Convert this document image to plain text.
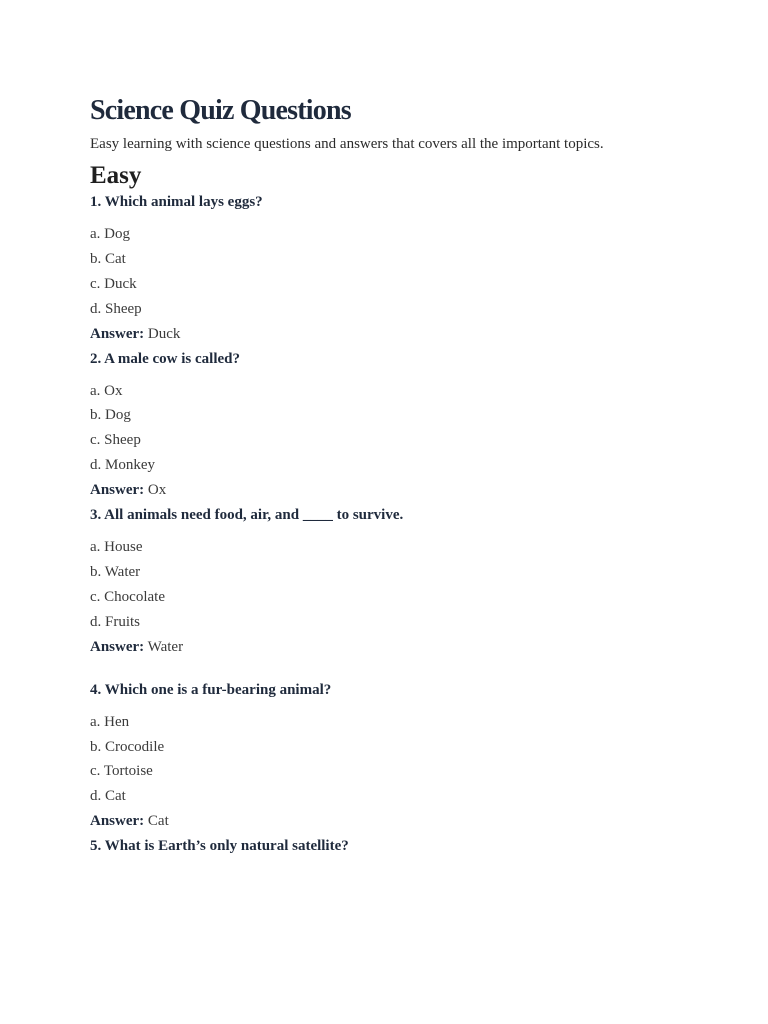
Science Quiz Questions

Easy learning with science questions and answers that covers all the important topics.

Easy

1. Which animal lays eggs?

a. Dog
b. Cat
c. Duck
d. Sheep

Answer: Duck

2. A male cow is called?

a. Ox
b. Dog
c. Sheep
d. Monkey

Answer: Ox

3. All animals need food, air, and ____ to survive.

a. House
b. Water
c. Chocolate
d. Fruits

Answer: Water

4. Which one is a fur-bearing animal?

a. Hen
b. Crocodile
c. Tortoise
d. Cat

Answer: Cat

5. What is Earth’s only natural satellite?
